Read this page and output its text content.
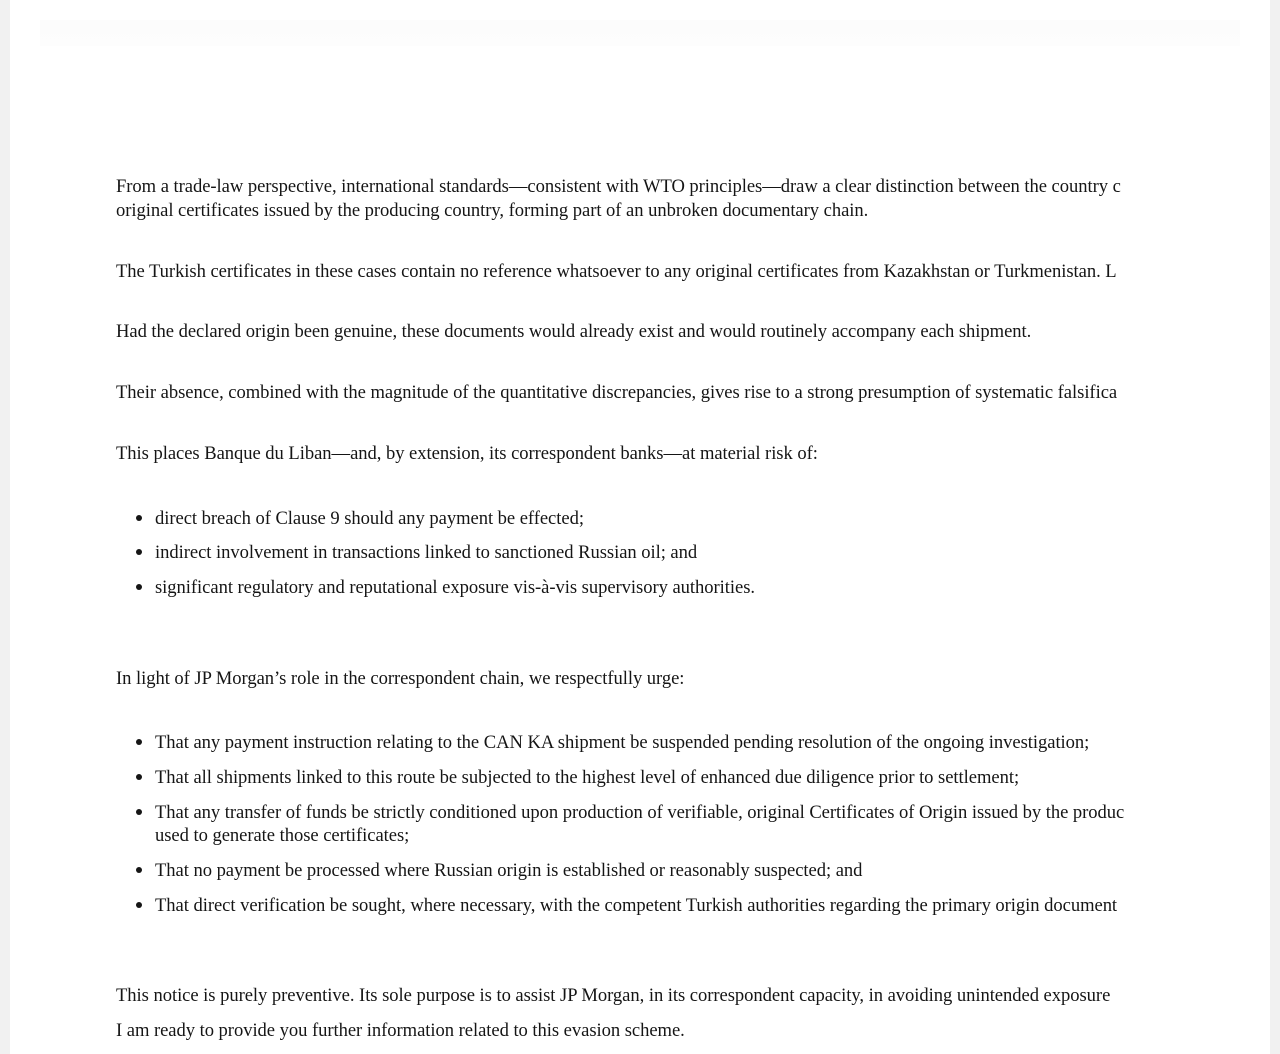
From a trade-law perspective, international standards—consistent with WTO principles—draw a clear distinction between the country c
original certificates issued by the producing country, forming part of an unbroken documentary chain.
The Turkish certificates in these cases contain no reference whatsoever to any original certificates from Kazakhstan or Turkmenistan. L
Had the declared origin been genuine, these documents would already exist and would routinely accompany each shipment.
Their absence, combined with the magnitude of the quantitative discrepancies, gives rise to a strong presumption of systematic falsifica
This places Banque du Liban—and, by extension, its correspondent banks—at material risk of:
direct breach of Clause 9 should any payment be effected;
indirect involvement in transactions linked to sanctioned Russian oil; and
significant regulatory and reputational exposure vis-à-vis supervisory authorities.
In light of JP Morgan’s role in the correspondent chain, we respectfully urge:
That any payment instruction relating to the CAN KA shipment be suspended pending resolution of the ongoing investigation;
That all shipments linked to this route be subjected to the highest level of enhanced due diligence prior to settlement;
That any transfer of funds be strictly conditioned upon production of verifiable, original Certificates of Origin issued by the produc
used to generate those certificates;
That no payment be processed where Russian origin is established or reasonably suspected; and
That direct verification be sought, where necessary, with the competent Turkish authorities regarding the primary origin document
This notice is purely preventive. Its sole purpose is to assist JP Morgan, in its correspondent capacity, in avoiding unintended exposure
I am ready to provide you further information related to this evasion scheme.
